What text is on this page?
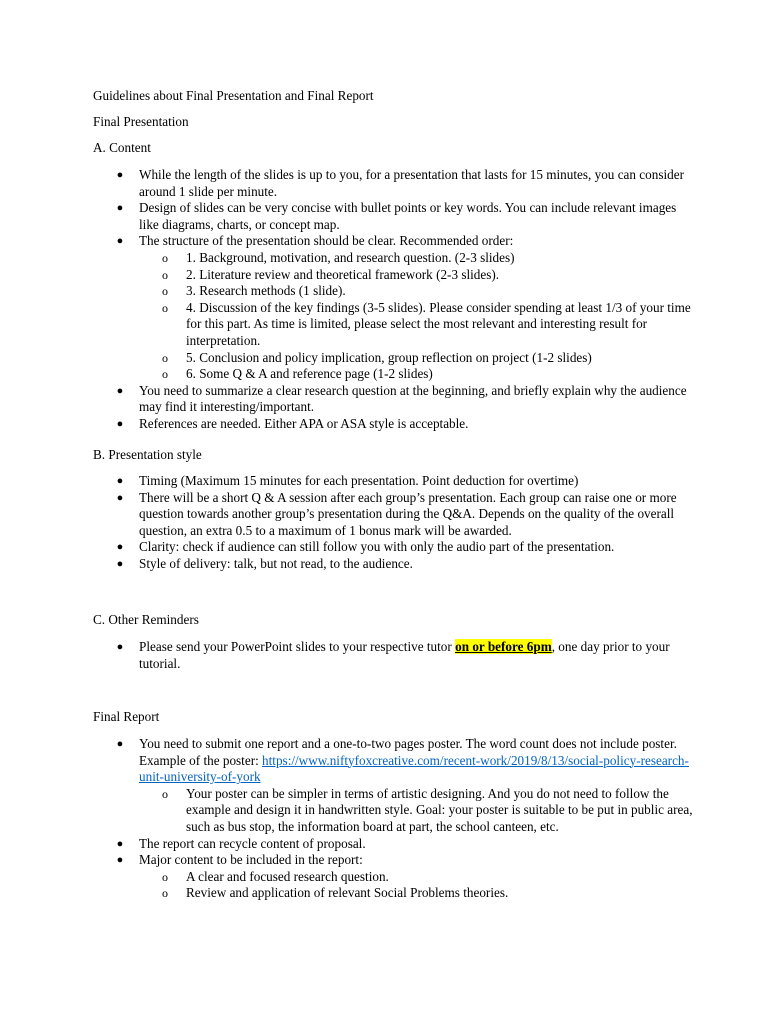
Guidelines about Final Presentation and Final Report
Final Presentation
A. Content
● While the length of the slides is up to you, for a presentation that lasts for 15 minutes, you can consider around 1 slide per minute.
● Design of slides can be very concise with bullet points or key words. You can include relevant images like diagrams, charts, or concept map.
● The structure of the presentation should be clear. Recommended order:
o 1. Background, motivation, and research question. (2-3 slides)
o 2. Literature review and theoretical framework (2-3 slides).
o 3. Research methods (1 slide).
o 4. Discussion of the key findings (3-5 slides). Please consider spending at least 1/3 of your time for this part. As time is limited, please select the most relevant and interesting result for interpretation.
o 5. Conclusion and policy implication, group reflection on project (1-2 slides)
o 6. Some Q & A and reference page (1-2 slides)
● You need to summarize a clear research question at the beginning, and briefly explain why the audience may find it interesting/important.
● References are needed. Either APA or ASA style is acceptable.
B. Presentation style
● Timing (Maximum 15 minutes for each presentation. Point deduction for overtime)
● There will be a short Q & A session after each group’s presentation. Each group can raise one or more question towards another group’s presentation during the Q&A. Depends on the quality of the overall question, an extra 0.5 to a maximum of 1 bonus mark will be awarded.
● Clarity: check if audience can still follow you with only the audio part of the presentation.
● Style of delivery: talk, but not read, to the audience.
C. Other Reminders
● Please send your PowerPoint slides to your respective tutor on or before 6pm, one day prior to your tutorial.
Final Report
● You need to submit one report and a one-to-two pages poster. The word count does not include poster. Example of the poster: https://www.niftyfoxcreative.com/recent-work/2019/8/13/social-policy-research-unit-university-of-york
o Your poster can be simpler in terms of artistic designing. And you do not need to follow the example and design it in handwritten style. Goal: your poster is suitable to be put in public area, such as bus stop, the information board at part, the school canteen, etc.
● The report can recycle content of proposal.
● Major content to be included in the report:
o A clear and focused research question.
o Review and application of relevant Social Problems theories.
